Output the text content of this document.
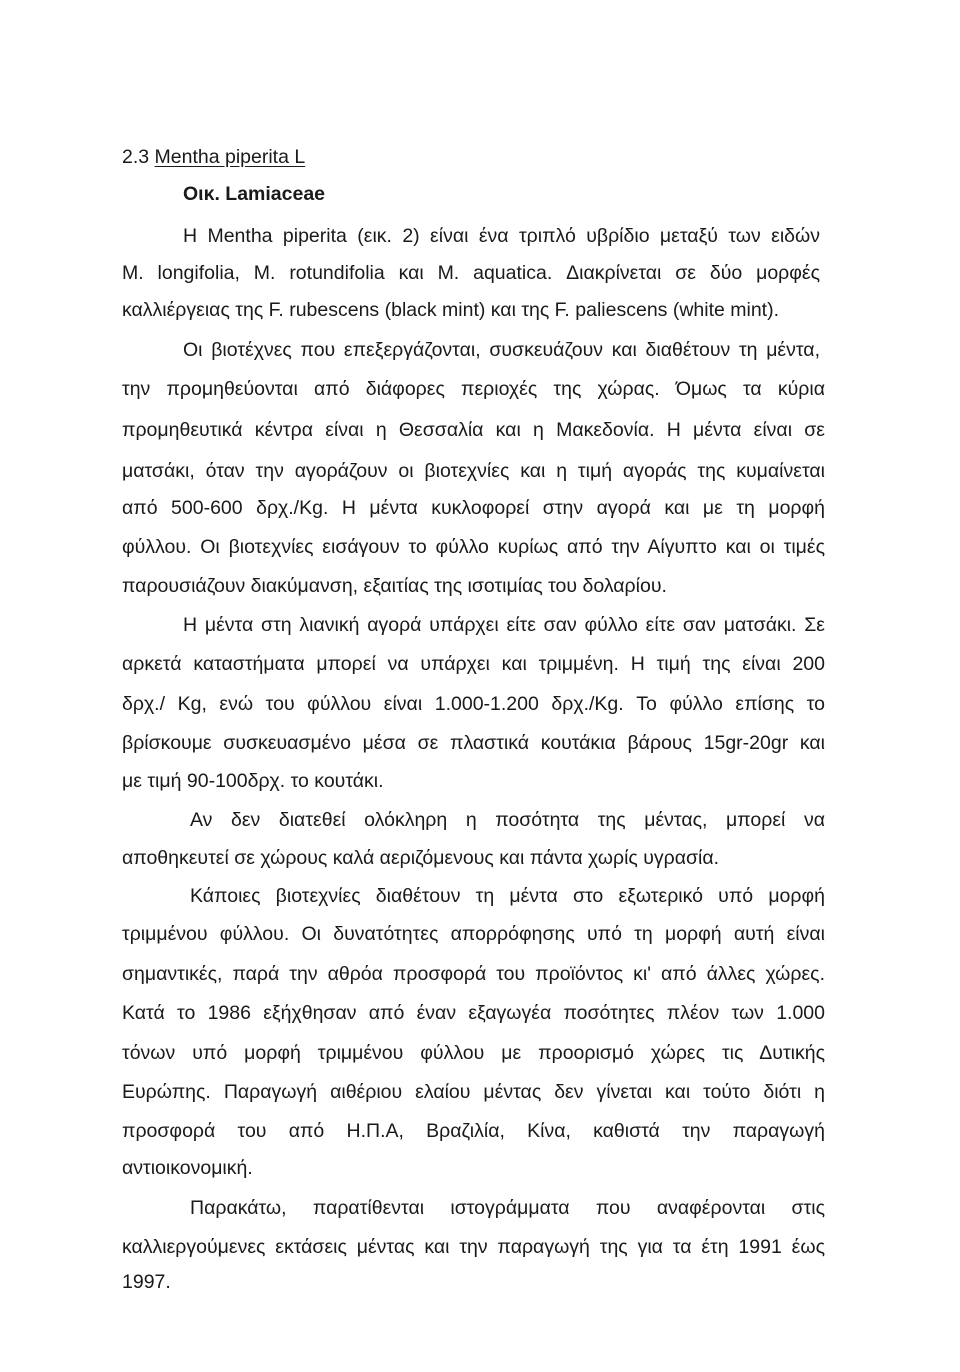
2.3 Mentha piperita L
Οικ. Lamiaceae
Η Mentha piperita (εικ. 2) είναι ένα τριπλό υβρίδιο μεταξύ των ειδών
M. longifolia, M. rotundifolia και M. aquatica. Διακρίνεται σε δύο μορφές
καλλιέργειας της F. rubescens (black mint) και της F. paliescens (white mint).
Οι βιοτέχνες που επεξεργάζονται, συσκευάζουν και διαθέτουν τη μέντα,
την προμηθεύονται από διάφορες περιοχές της χώρας. Όμως τα κύρια
προμηθευτικά κέντρα είναι η Θεσσαλία και η Μακεδονία. Η μέντα είναι σε
ματσάκι, όταν την αγοράζουν οι βιοτεχνίες και η τιμή αγοράς της κυμαίνεται
από 500-600 δρχ./Kg. Η μέντα κυκλοφορεί στην αγορά και με τη μορφή
φύλλου. Οι βιοτεχνίες εισάγουν το φύλλο κυρίως από την Αίγυπτο και οι τιμές
παρουσιάζουν διακύμανση, εξαιτίας της ισοτιμίας του δολαρίου.
Η μέντα στη λιανική αγορά υπάρχει είτε σαν φύλλο είτε σαν ματσάκι. Σε
αρκετά καταστήματα μπορεί να υπάρχει και τριμμένη. Η τιμή της είναι 200
δρχ./ Kg, ενώ του φύλλου είναι 1.000-1.200 δρχ./Kg. Το φύλλο επίσης το
βρίσκουμε συσκευασμένο μέσα σε πλαστικά κουτάκια βάρους 15gr-20gr και
με τιμή 90-100δρχ. το κουτάκι.
Αν δεν διατεθεί ολόκληρη η ποσότητα της μέντας, μπορεί να
αποθηκευτεί σε χώρους καλά αεριζόμενους και πάντα χωρίς υγρασία.
Κάποιες βιοτεχνίες διαθέτουν τη μέντα στο εξωτερικό υπό μορφή
τριμμένου φύλλου. Οι δυνατότητες απορρόφησης υπό τη μορφή αυτή είναι
σημαντικές, παρά την αθρόα προσφορά του προϊόντος κι' από άλλες χώρες.
Κατά το 1986 εξήχθησαν από έναν εξαγωγέα ποσότητες πλέον των 1.000
τόνων υπό μορφή τριμμένου φύλλου με προορισμό χώρες τις Δυτικής
Ευρώπης. Παραγωγή αιθέριου ελαίου μέντας δεν γίνεται και τούτο διότι η
προσφορά του από Η.Π.Α, Βραζιλία, Κίνα, καθιστά την παραγωγή
αντιοικονομική.
Παρακάτω, παρατίθενται ιστογράμματα που αναφέρονται στις
καλλιεργούμενες εκτάσεις μέντας και την παραγωγή της για τα έτη 1991 έως
1997.
